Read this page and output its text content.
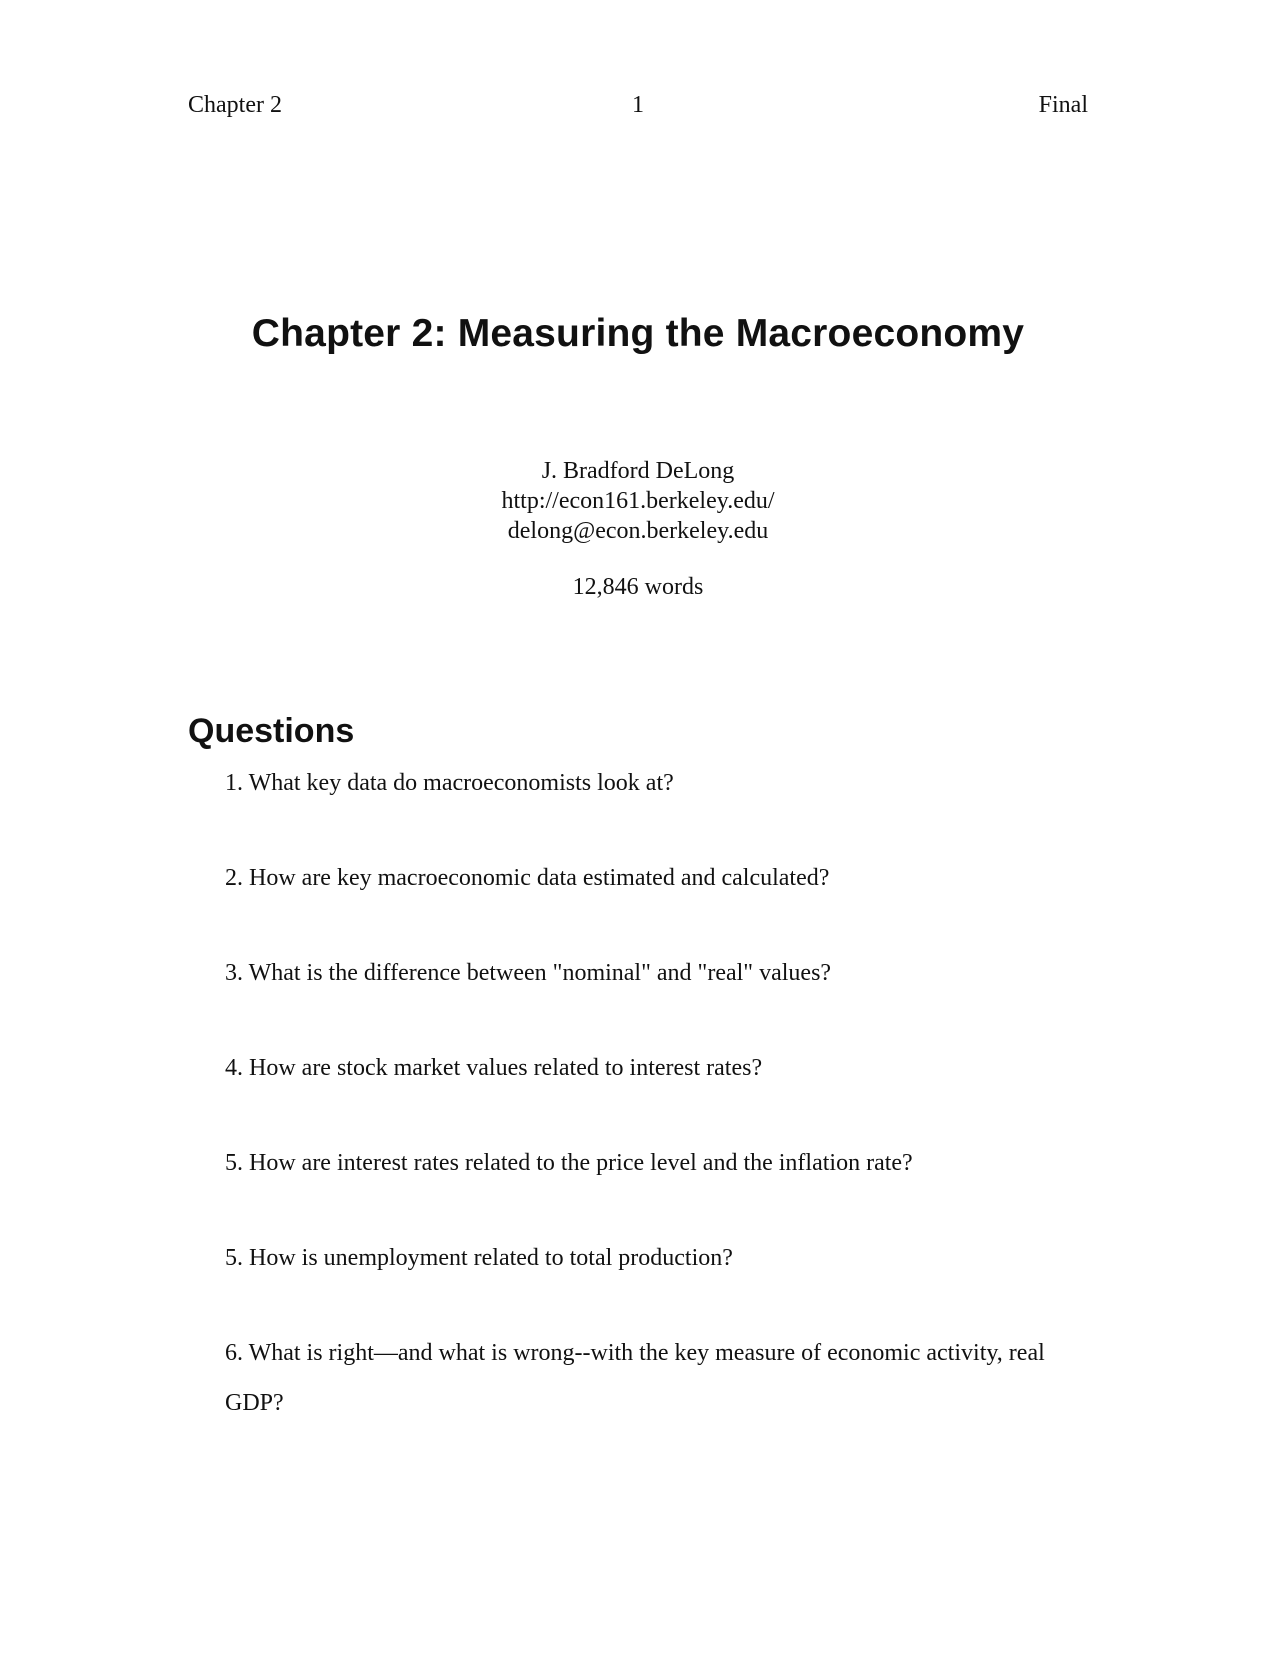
Chapter 2	1	Final
Chapter 2: Measuring the Macroeconomy
J. Bradford DeLong
http://econ161.berkeley.edu/
delong@econ.berkeley.edu
12,846 words
Questions

1. What key data do macroeconomists look at?

2. How are key macroeconomic data estimated and calculated?

3. What is the difference between "nominal" and "real" values?

4. How are stock market values related to interest rates?

5. How are interest rates related to the price level and the inflation rate?

5. How is unemployment related to total production?

6. What is right—and what is wrong--with the key measure of economic activity, real GDP?
